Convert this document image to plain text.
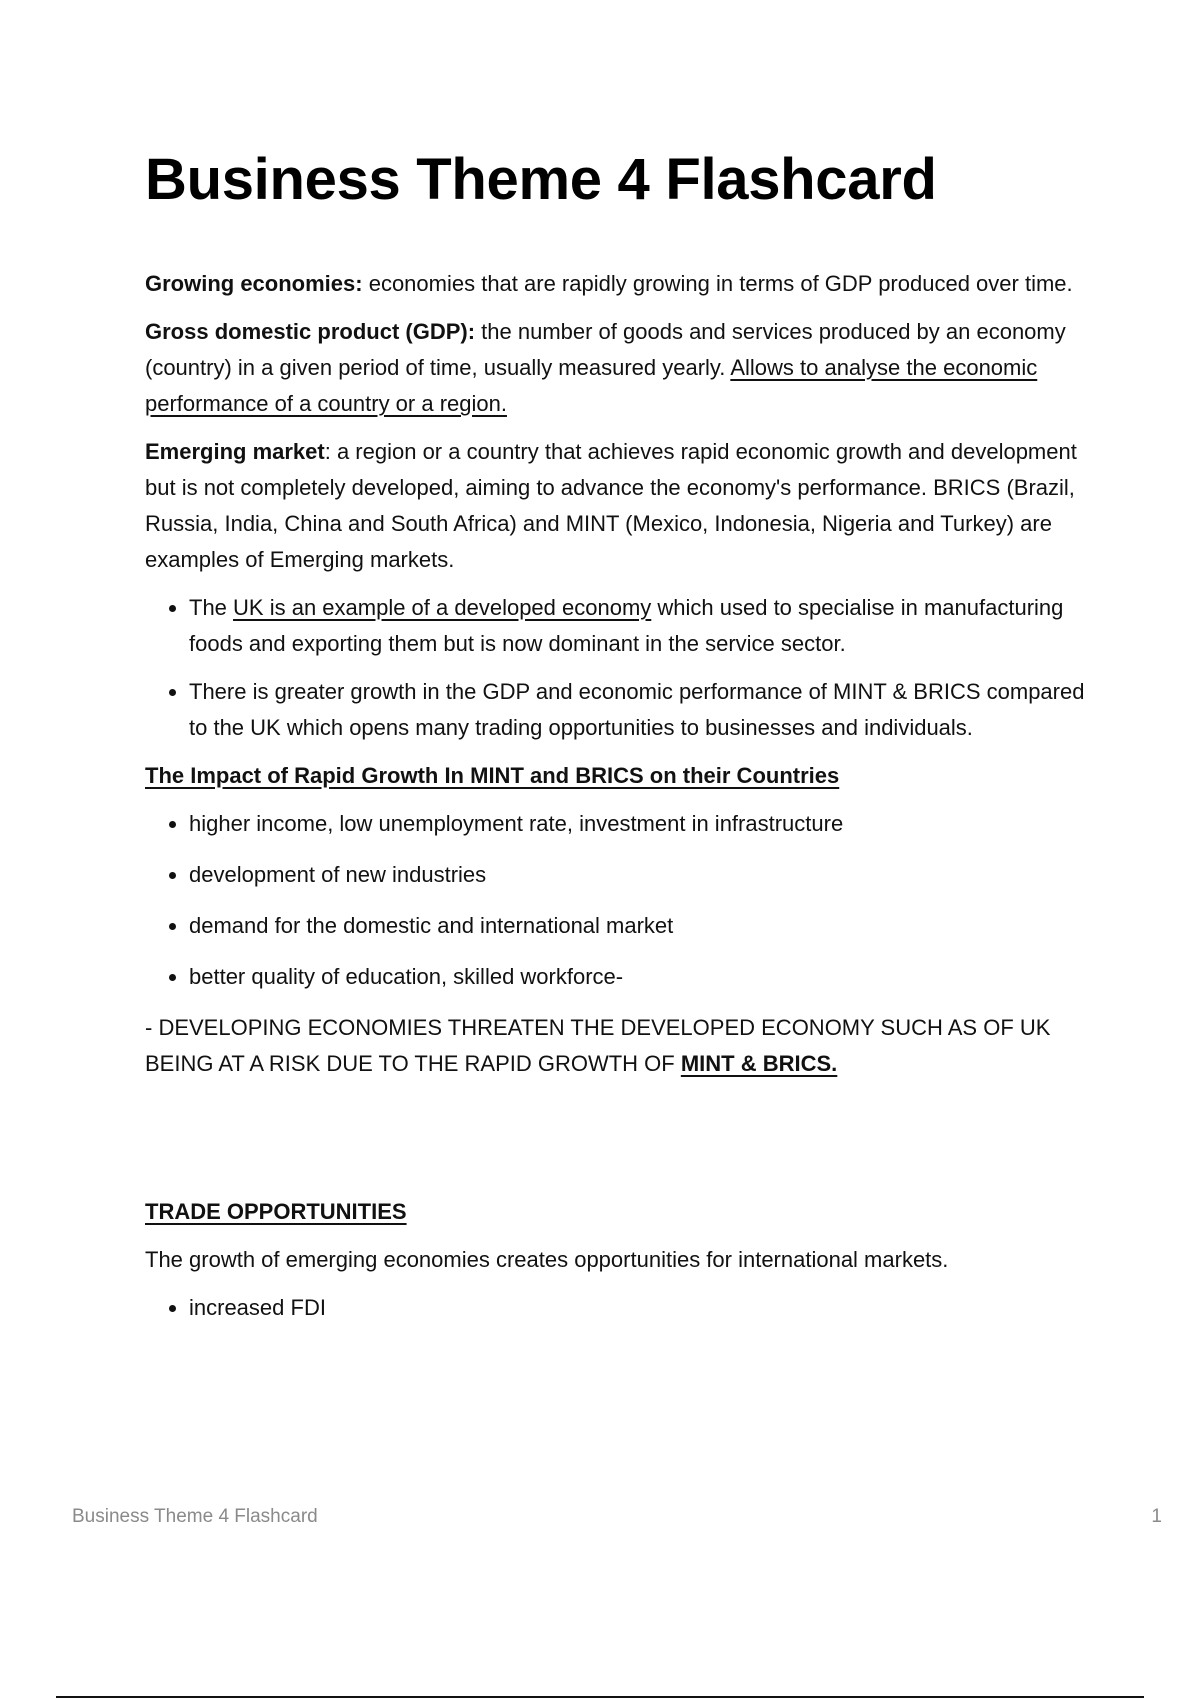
Business Theme 4 Flashcard

Growing economies: economies that are rapidly growing in terms of GDP produced over time.

Gross domestic product (GDP): the number of goods and services produced by an economy (country) in a given period of time, usually measured yearly. Allows to analyse the economic performance of a country or a region.

Emerging market: a region or a country that achieves rapid economic growth and development but is not completely developed, aiming to advance the economy's performance. BRICS (Brazil, Russia, India, China and South Africa) and MINT (Mexico, Indonesia, Nigeria and Turkey) are examples of Emerging markets.

• The UK is an example of a developed economy which used to specialise in manufacturing foods and exporting them but is now dominant in the service sector.
• There is greater growth in the GDP and economic performance of MINT & BRICS compared to the UK which opens many trading opportunities to businesses and individuals.

The Impact of Rapid Growth In MINT and BRICS on their Countries

• higher income, low unemployment rate, investment in infrastructure
• development of new industries
• demand for the domestic and international market
• better quality of education, skilled workforce-

- DEVELOPING ECONOMIES THREATEN THE DEVELOPED ECONOMY SUCH AS OF UK BEING AT A RISK DUE TO THE RAPID GROWTH OF MINT & BRICS.

TRADE OPPORTUNITIES

The growth of emerging economies creates opportunities for international markets.

• increased FDI
Business Theme 4 Flashcard	1
